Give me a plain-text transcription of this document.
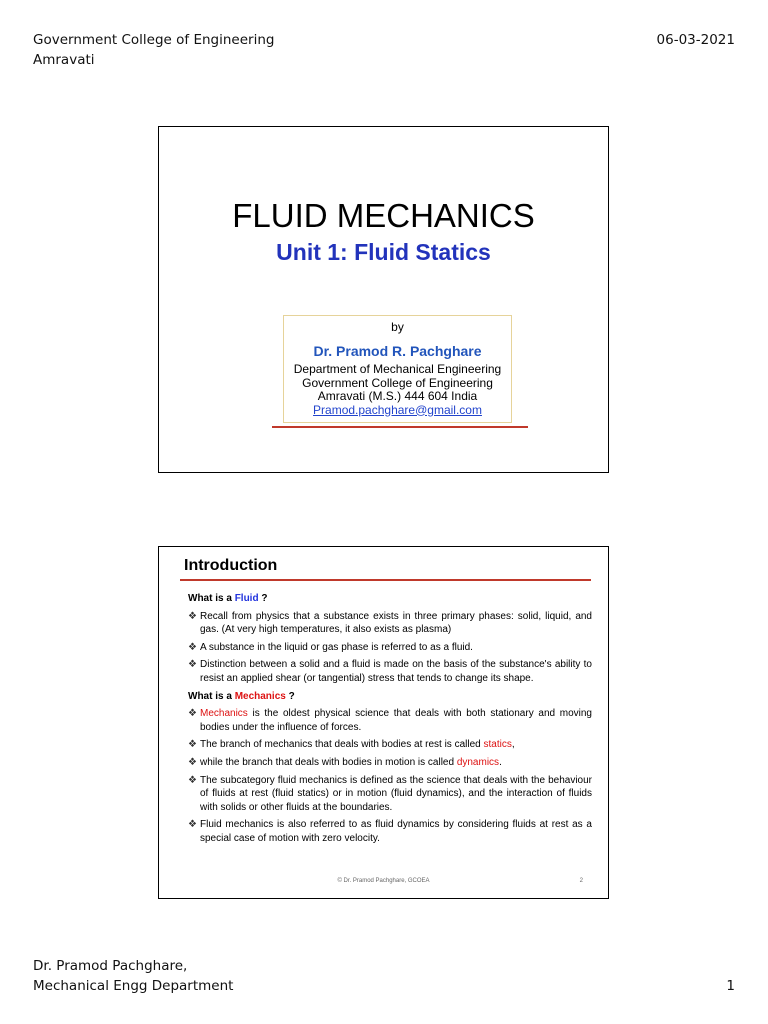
Government College of Engineering
Amravati
06-03-2021
FLUID MECHANICS
Unit 1: Fluid Statics
by
Dr. Pramod R. Pachghare
Department of Mechanical Engineering
Government College of Engineering
Amravati (M.S.) 444 604 India
Pramod.pachghare@gmail.com
Introduction
What is a Fluid ?
❖ Recall from physics that a substance exists in three primary phases: solid, liquid, and gas. (At very high temperatures, it also exists as plasma)
❖ A substance in the liquid or gas phase is referred to as a fluid.
❖ Distinction between a solid and a fluid is made on the basis of the substance's ability to resist an applied shear (or tangential) stress that tends to change its shape.
What is a Mechanics ?
❖ Mechanics is the oldest physical science that deals with both stationary and moving bodies under the influence of forces.
❖ The branch of mechanics that deals with bodies at rest is called statics,
❖ while the branch that deals with bodies in motion is called dynamics.
❖ The subcategory fluid mechanics is defined as the science that deals with the behaviour of fluids at rest (fluid statics) or in motion (fluid dynamics), and the interaction of fluids with solids or other fluids at the boundaries.
❖ Fluid mechanics is also referred to as fluid dynamics by considering fluids at rest as a special case of motion with zero velocity.
© Dr. Pramod Pachghare, GCOEA	2
Dr. Pramod Pachghare,
Mechanical Engg Department	1
